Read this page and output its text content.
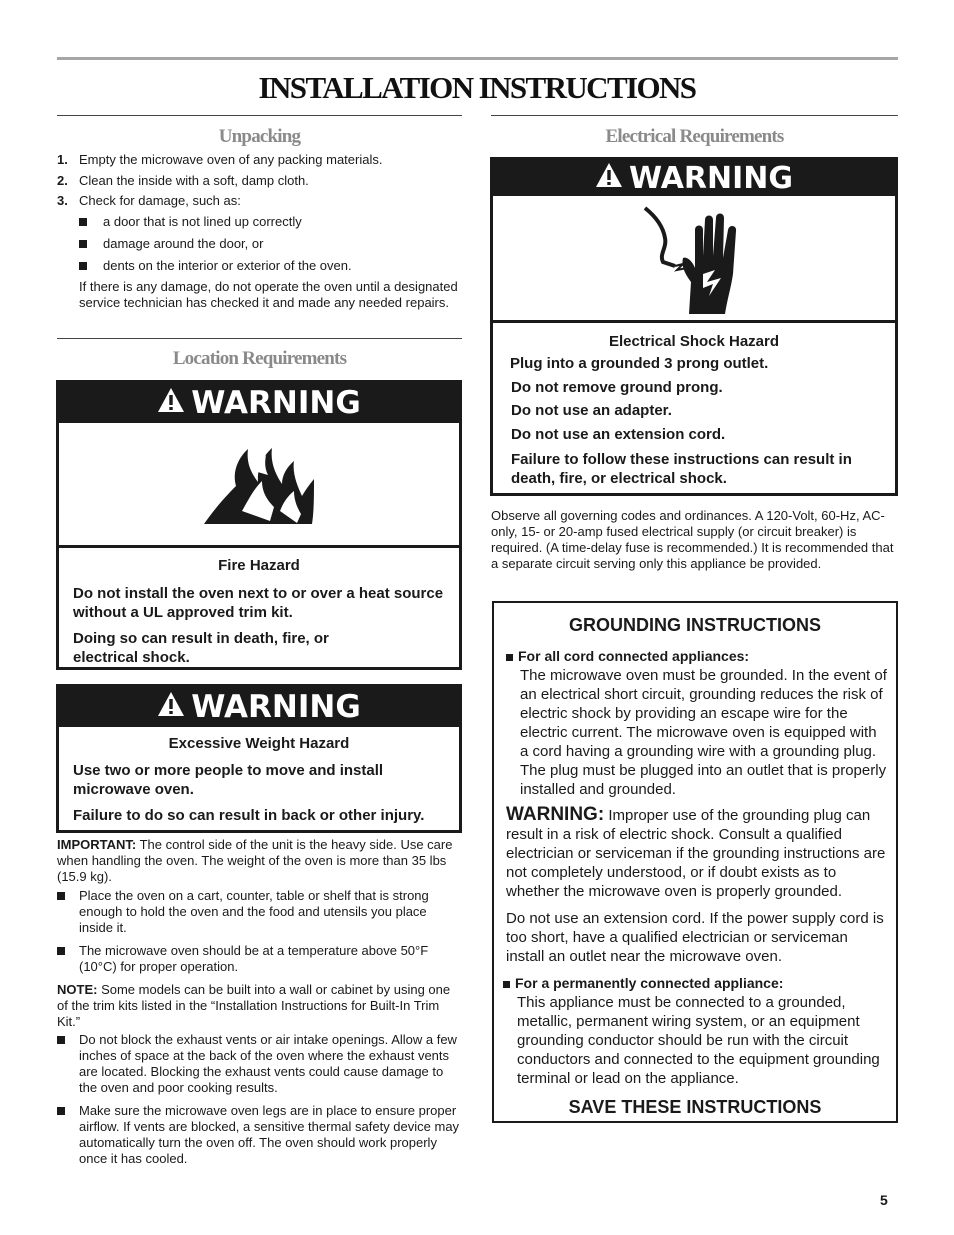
INSTALLATION INSTRUCTIONS
Unpacking
1. Empty the microwave oven of any packing materials.
2. Clean the inside with a soft, damp cloth.
3. Check for damage, such as:
a door that is not lined up correctly
damage around the door, or
dents on the interior or exterior of the oven.
If there is any damage, do not operate the oven until a designated service technician has checked it and made any needed repairs.
Location Requirements
WARNING
Fire Hazard
Do not install the oven next to or over a heat source without a UL approved trim kit.
Doing so can result in death, fire, or electrical shock.
WARNING
Excessive Weight Hazard
Use two or more people to move and install microwave oven.
Failure to do so can result in back or other injury.
IMPORTANT: The control side of the unit is the heavy side. Use care when handling the oven. The weight of the oven is more than 35 lbs (15.9 kg).
Place the oven on a cart, counter, table or shelf that is strong enough to hold the oven and the food and utensils you place inside it.
The microwave oven should be at a temperature above 50°F (10°C) for proper operation.
NOTE: Some models can be built into a wall or cabinet by using one of the trim kits listed in the “Installation Instructions for Built-In Trim Kit.”
Do not block the exhaust vents or air intake openings. Allow a few inches of space at the back of the oven where the exhaust vents are located. Blocking the exhaust vents could cause damage to the oven and poor cooking results.
Make sure the microwave oven legs are in place to ensure proper airflow. If vents are blocked, a sensitive thermal safety device may automatically turn the oven off. The oven should work properly once it has cooled.
Electrical Requirements
WARNING
Electrical Shock Hazard
Plug into a grounded 3 prong outlet.
Do not remove ground prong.
Do not use an adapter.
Do not use an extension cord.
Failure to follow these instructions can result in death, fire, or electrical shock.
Observe all governing codes and ordinances. A 120-Volt, 60-Hz, AC-only, 15- or 20-amp fused electrical supply (or circuit breaker) is required. (A time-delay fuse is recommended.) It is recommended that a separate circuit serving only this appliance be provided.
GROUNDING INSTRUCTIONS
For all cord connected appliances:
The microwave oven must be grounded. In the event of an electrical short circuit, grounding reduces the risk of electric shock by providing an escape wire for the electric current. The microwave oven is equipped with a cord having a grounding wire with a grounding plug. The plug must be plugged into an outlet that is properly installed and grounded.
WARNING: Improper use of the grounding plug can result in a risk of electric shock. Consult a qualified electrician or serviceman if the grounding instructions are not completely understood, or if doubt exists as to whether the microwave oven is properly grounded.
Do not use an extension cord. If the power supply cord is too short, have a qualified electrician or serviceman install an outlet near the microwave oven.
For a permanently connected appliance:
This appliance must be connected to a grounded, metallic, permanent wiring system, or an equipment grounding conductor should be run with the circuit conductors and connected to the equipment grounding terminal or lead on the appliance.
SAVE THESE INSTRUCTIONS
5
